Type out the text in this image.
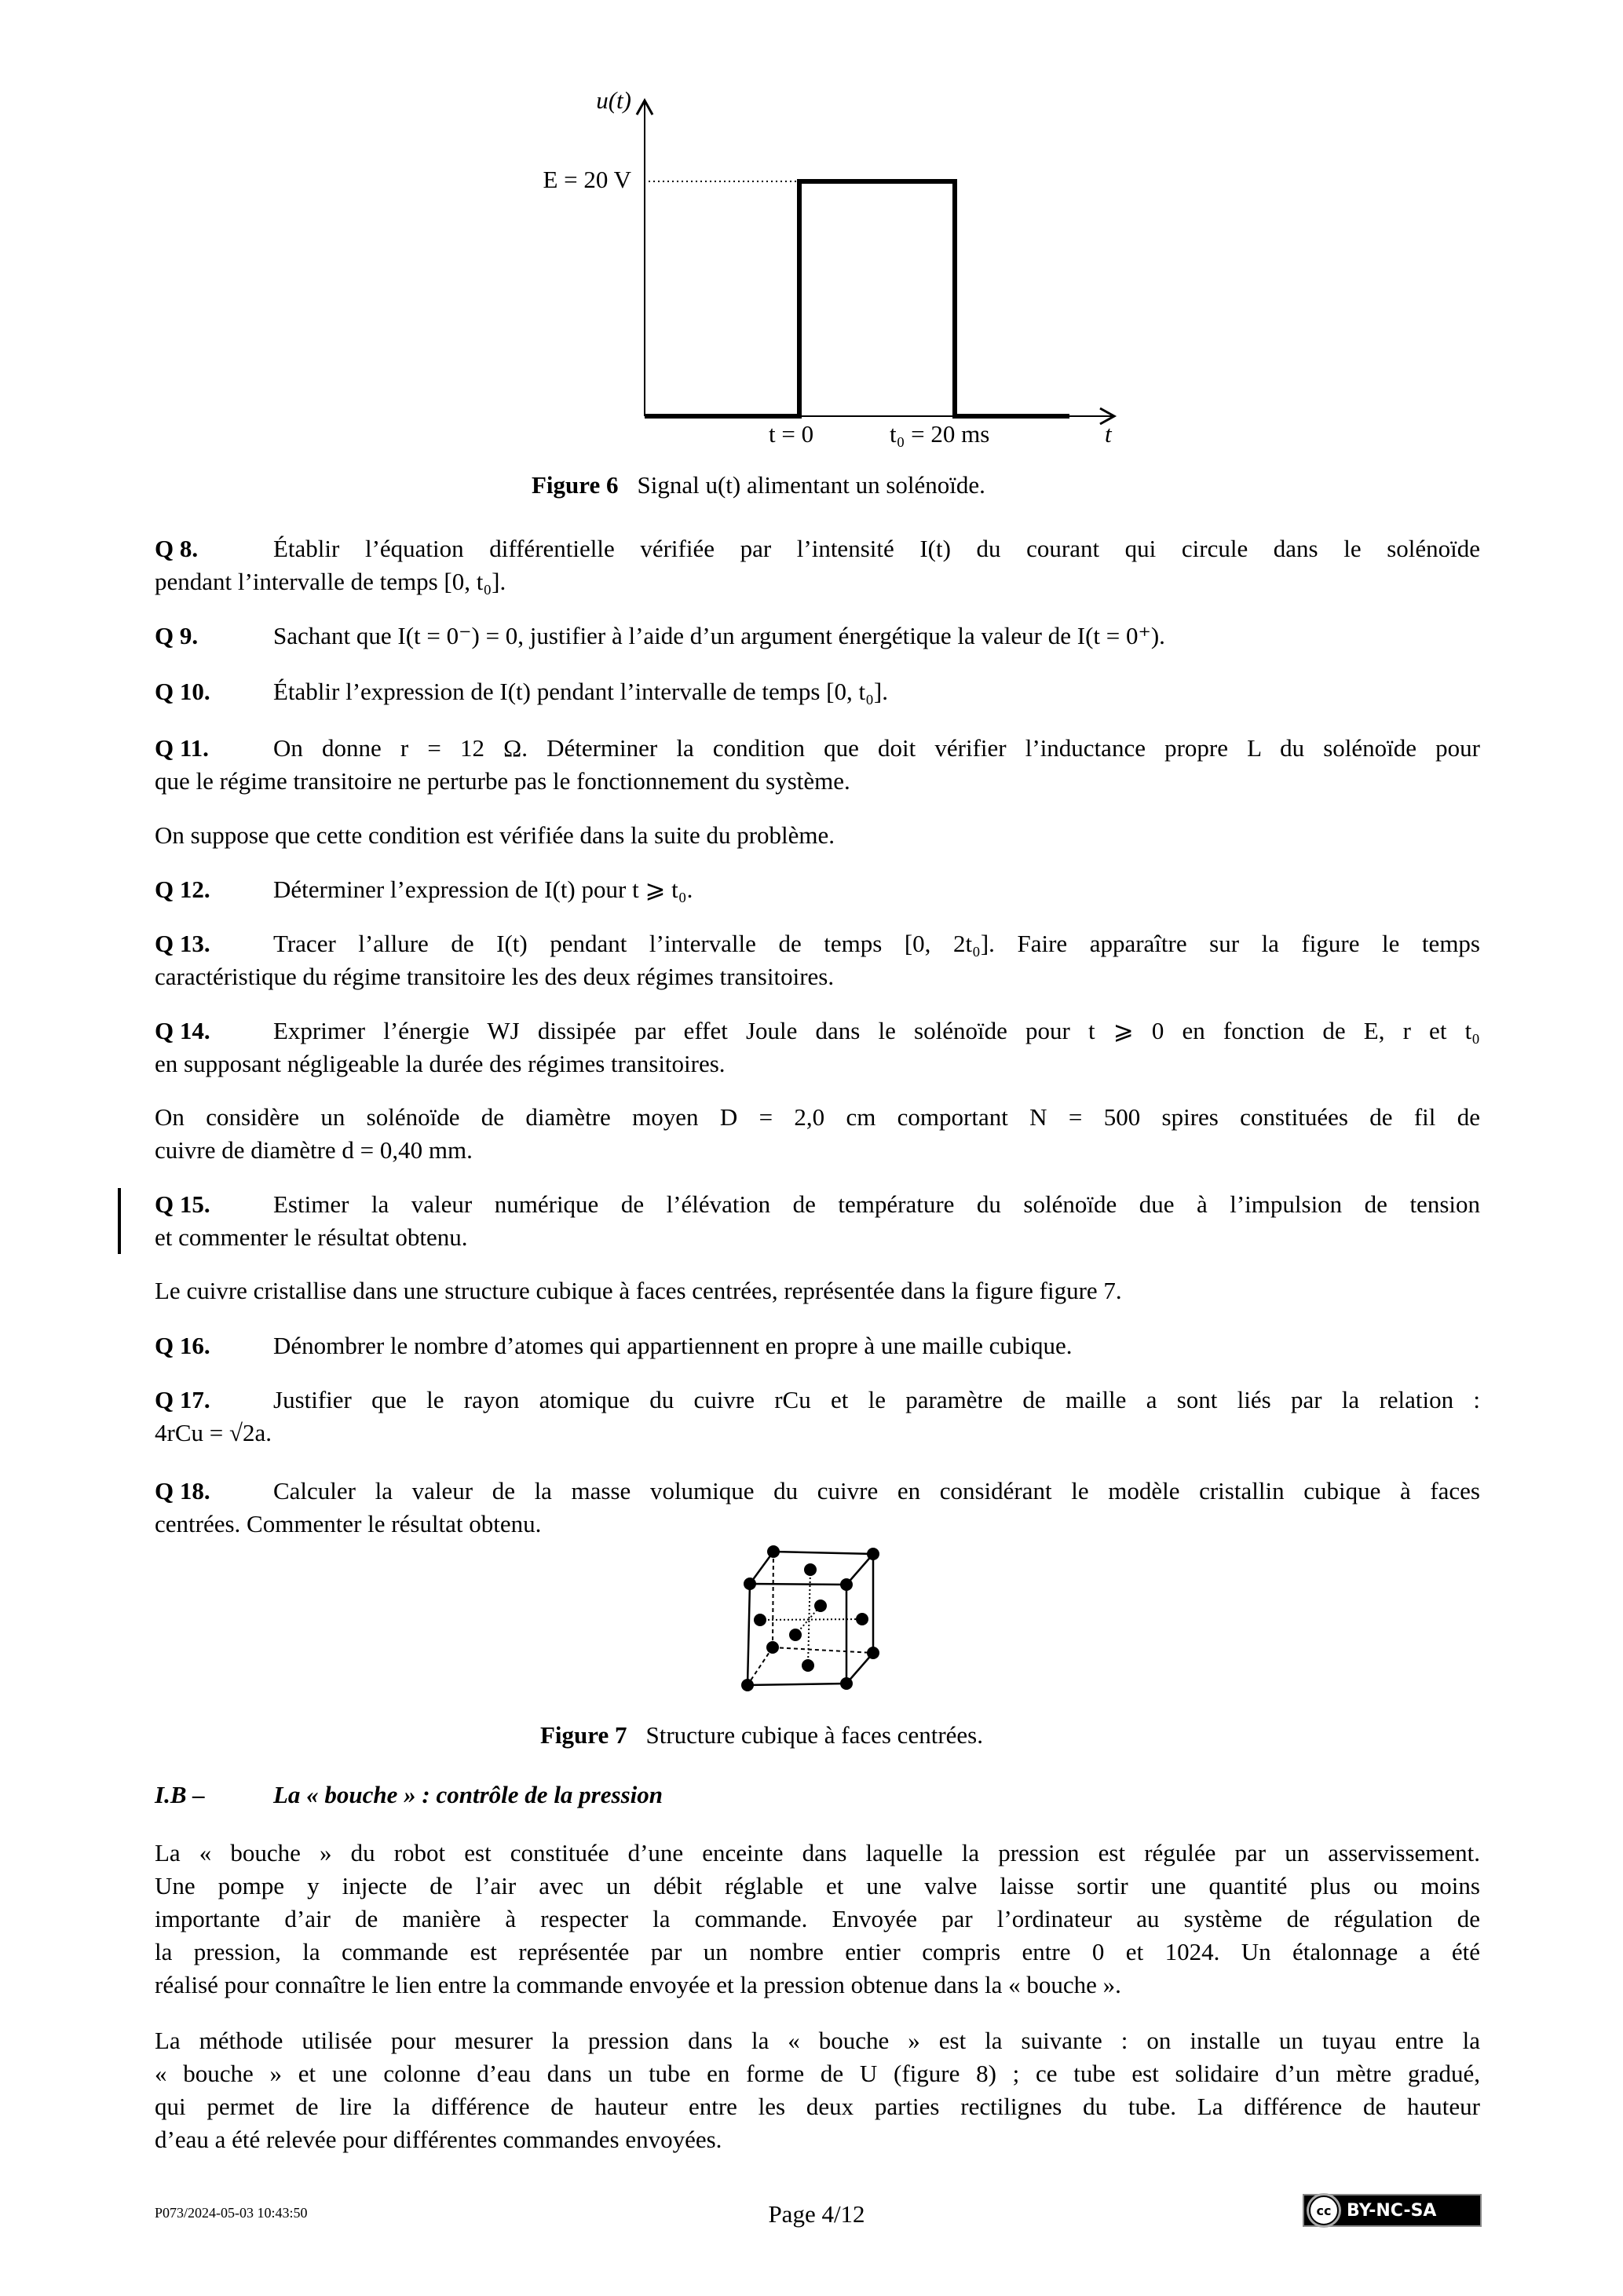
u(t)
E = 20 V
t = 0	t₀ = 20 ms	t
Figure 6 Signal u(t) alimentant un solénoïde.
Q 8.	Établir l’équation différentielle vérifiée par l’intensité I(t) du courant qui circule dans le solénoïde
pendant l’intervalle de temps [0, t₀].
Q 9.	Sachant que I(t = 0⁻) = 0, justifier à l’aide d’un argument énergétique la valeur de I(t = 0⁺).
Q 10.	Établir l’expression de I(t) pendant l’intervalle de temps [0, t₀].
Q 11.	On donne r = 12 Ω. Déterminer la condition que doit vérifier l’inductance propre L du solénoïde pour
que le régime transitoire ne perturbe pas le fonctionnement du système.
On suppose que cette condition est vérifiée dans la suite du problème.
Q 12.	Déterminer l’expression de I(t) pour t ⩾ t₀.
Q 13.	Tracer l’allure de I(t) pendant l’intervalle de temps [0, 2t₀]. Faire apparaître sur la figure le temps
caractéristique du régime transitoire les des deux régimes transitoires.
Q 14.	Exprimer l’énergie WJ dissipée par effet Joule dans le solénoïde pour t ⩾ 0 en fonction de E, r et t₀
en supposant négligeable la durée des régimes transitoires.
On considère un solénoïde de diamètre moyen D = 2,0 cm comportant N = 500 spires constituées de fil de
cuivre de diamètre d = 0,40 mm.
Q 15.	Estimer la valeur numérique de l’élévation de température du solénoïde due à l’impulsion de tension
et commenter le résultat obtenu.
Le cuivre cristallise dans une structure cubique à faces centrées, représentée dans la figure figure 7.
Q 16.	Dénombrer le nombre d’atomes qui appartiennent en propre à une maille cubique.
Q 17.	Justifier que le rayon atomique du cuivre rCu et le paramètre de maille a sont liés par la relation :
4rCu = √2a.
Q 18.	Calculer la valeur de la masse volumique du cuivre en considérant le modèle cristallin cubique à faces
centrées. Commenter le résultat obtenu.
La « bouche » du robot est constituée d’une enceinte dans laquelle la pression est régulée par un asservissement.
Une pompe y injecte de l’air avec un débit réglable et une valve laisse sortir une quantité plus ou moins
importante d’air de manière à respecter la commande. Envoyée par l’ordinateur au système de régulation de
la pression, la commande est représentée par un nombre entier compris entre 0 et 1024. Un étalonnage a été
réalisé pour connaître le lien entre la commande envoyée et la pression obtenue dans la « bouche ».
La méthode utilisée pour mesurer la pression dans la « bouche » est la suivante : on installe un tuyau entre la
« bouche » et une colonne d’eau dans un tube en forme de U (figure 8) ; ce tube est solidaire d’un mètre gradué,
qui permet de lire la différence de hauteur entre les deux parties rectilignes du tube. La différence de hauteur
d’eau a été relevée pour différentes commandes envoyées.
Figure 7 Structure cubique à faces centrées.
I.B –	La « bouche » : contrôle de la pression
P073/2024-05-03 10:43:50	Page 4/12	cc BY-NC-SA
